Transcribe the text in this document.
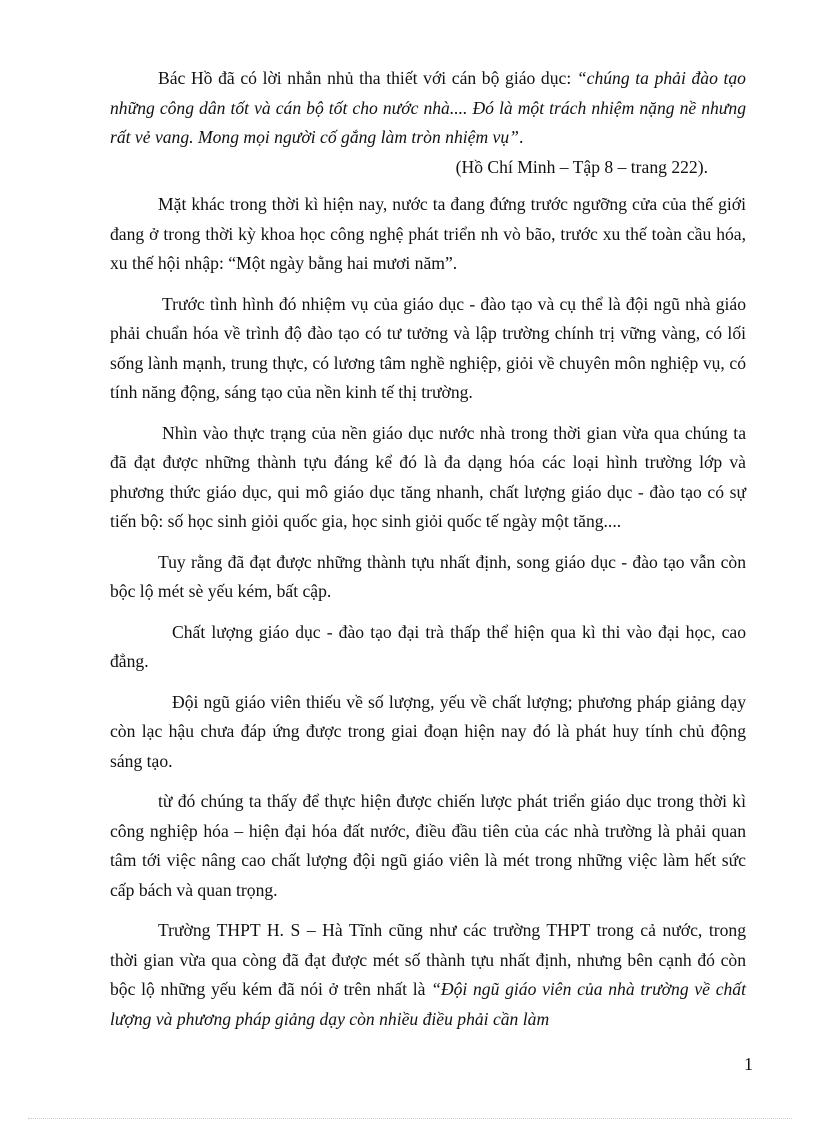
Bác Hồ đã có lời nhắn nhủ tha thiết với cán bộ giáo dục: “chúng ta phải đào tạo những công dân tốt và cán bộ tốt cho nước nhà.... Đó là một trách nhiệm nặng nề nhưng rất vẻ vang. Mong mọi người cố gắng làm tròn nhiệm vụ”.

(Hồ Chí Minh – Tập 8 – trang 222).

Mặt khác trong thời kì hiện nay, nước ta đang đứng trước ngưỡng cửa của thế giới đang ở trong thời kỳ khoa học công nghệ phát triển nh vò bão, trước xu thế toàn cầu hóa, xu thế hội nhập: “Một ngày bằng hai mươi năm”.

Trước tình hình đó nhiệm vụ của giáo dục - đào tạo và cụ thể là đội ngũ nhà giáo phải chuẩn hóa về trình độ đào tạo có tư tưởng và lập trường chính trị vững vàng, có lối sống lành mạnh, trung thực, có lương tâm nghề nghiệp, giỏi về chuyên môn nghiệp vụ, có tính năng động, sáng tạo của nền kinh tế thị trường.

Nhìn vào thực trạng của nền giáo dục nước nhà trong thời gian vừa qua chúng ta đã đạt được những thành tựu đáng kể đó là đa dạng hóa các loại hình trường lớp và phương thức giáo dục, qui mô giáo dục tăng nhanh, chất lượng giáo dục - đào tạo có sự tiến bộ: số học sinh giỏi quốc gia, học sinh giỏi quốc tế ngày một tăng....

Tuy rằng đã đạt được những thành tựu nhất định, song giáo dục - đào tạo vẫn còn bộc lộ mét sè yếu kém, bất cập.

Chất lượng giáo dục - đào tạo đại trà thấp thể hiện qua kì thi vào đại học, cao đẳng.

Đội ngũ giáo viên thiếu về số lượng, yếu về chất lượng; phương pháp giảng dạy còn lạc hậu chưa đáp ứng được trong giai đoạn hiện nay đó là phát huy tính chủ động sáng tạo.

từ đó chúng ta thấy để thực hiện được chiến lược phát triển giáo dục trong thời kì công nghiệp hóa – hiện đại hóa đất nước, điều đầu tiên của các nhà trường là phải quan tâm tới việc nâng cao chất lượng đội ngũ giáo viên là mét trong những việc làm hết sức cấp bách và quan trọng.

Trường THPT H. S – Hà Tĩnh cũng như các trường THPT trong cả nước, trong thời gian vừa qua còng đã đạt được mét số thành tựu nhất định, nhưng bên cạnh đó còn bộc lộ những yếu kém đã nói ở trên nhất là “Đội ngũ giáo viên của nhà trường về chất lượng và phương pháp giảng dạy còn nhiều điều phải cần làm

1
